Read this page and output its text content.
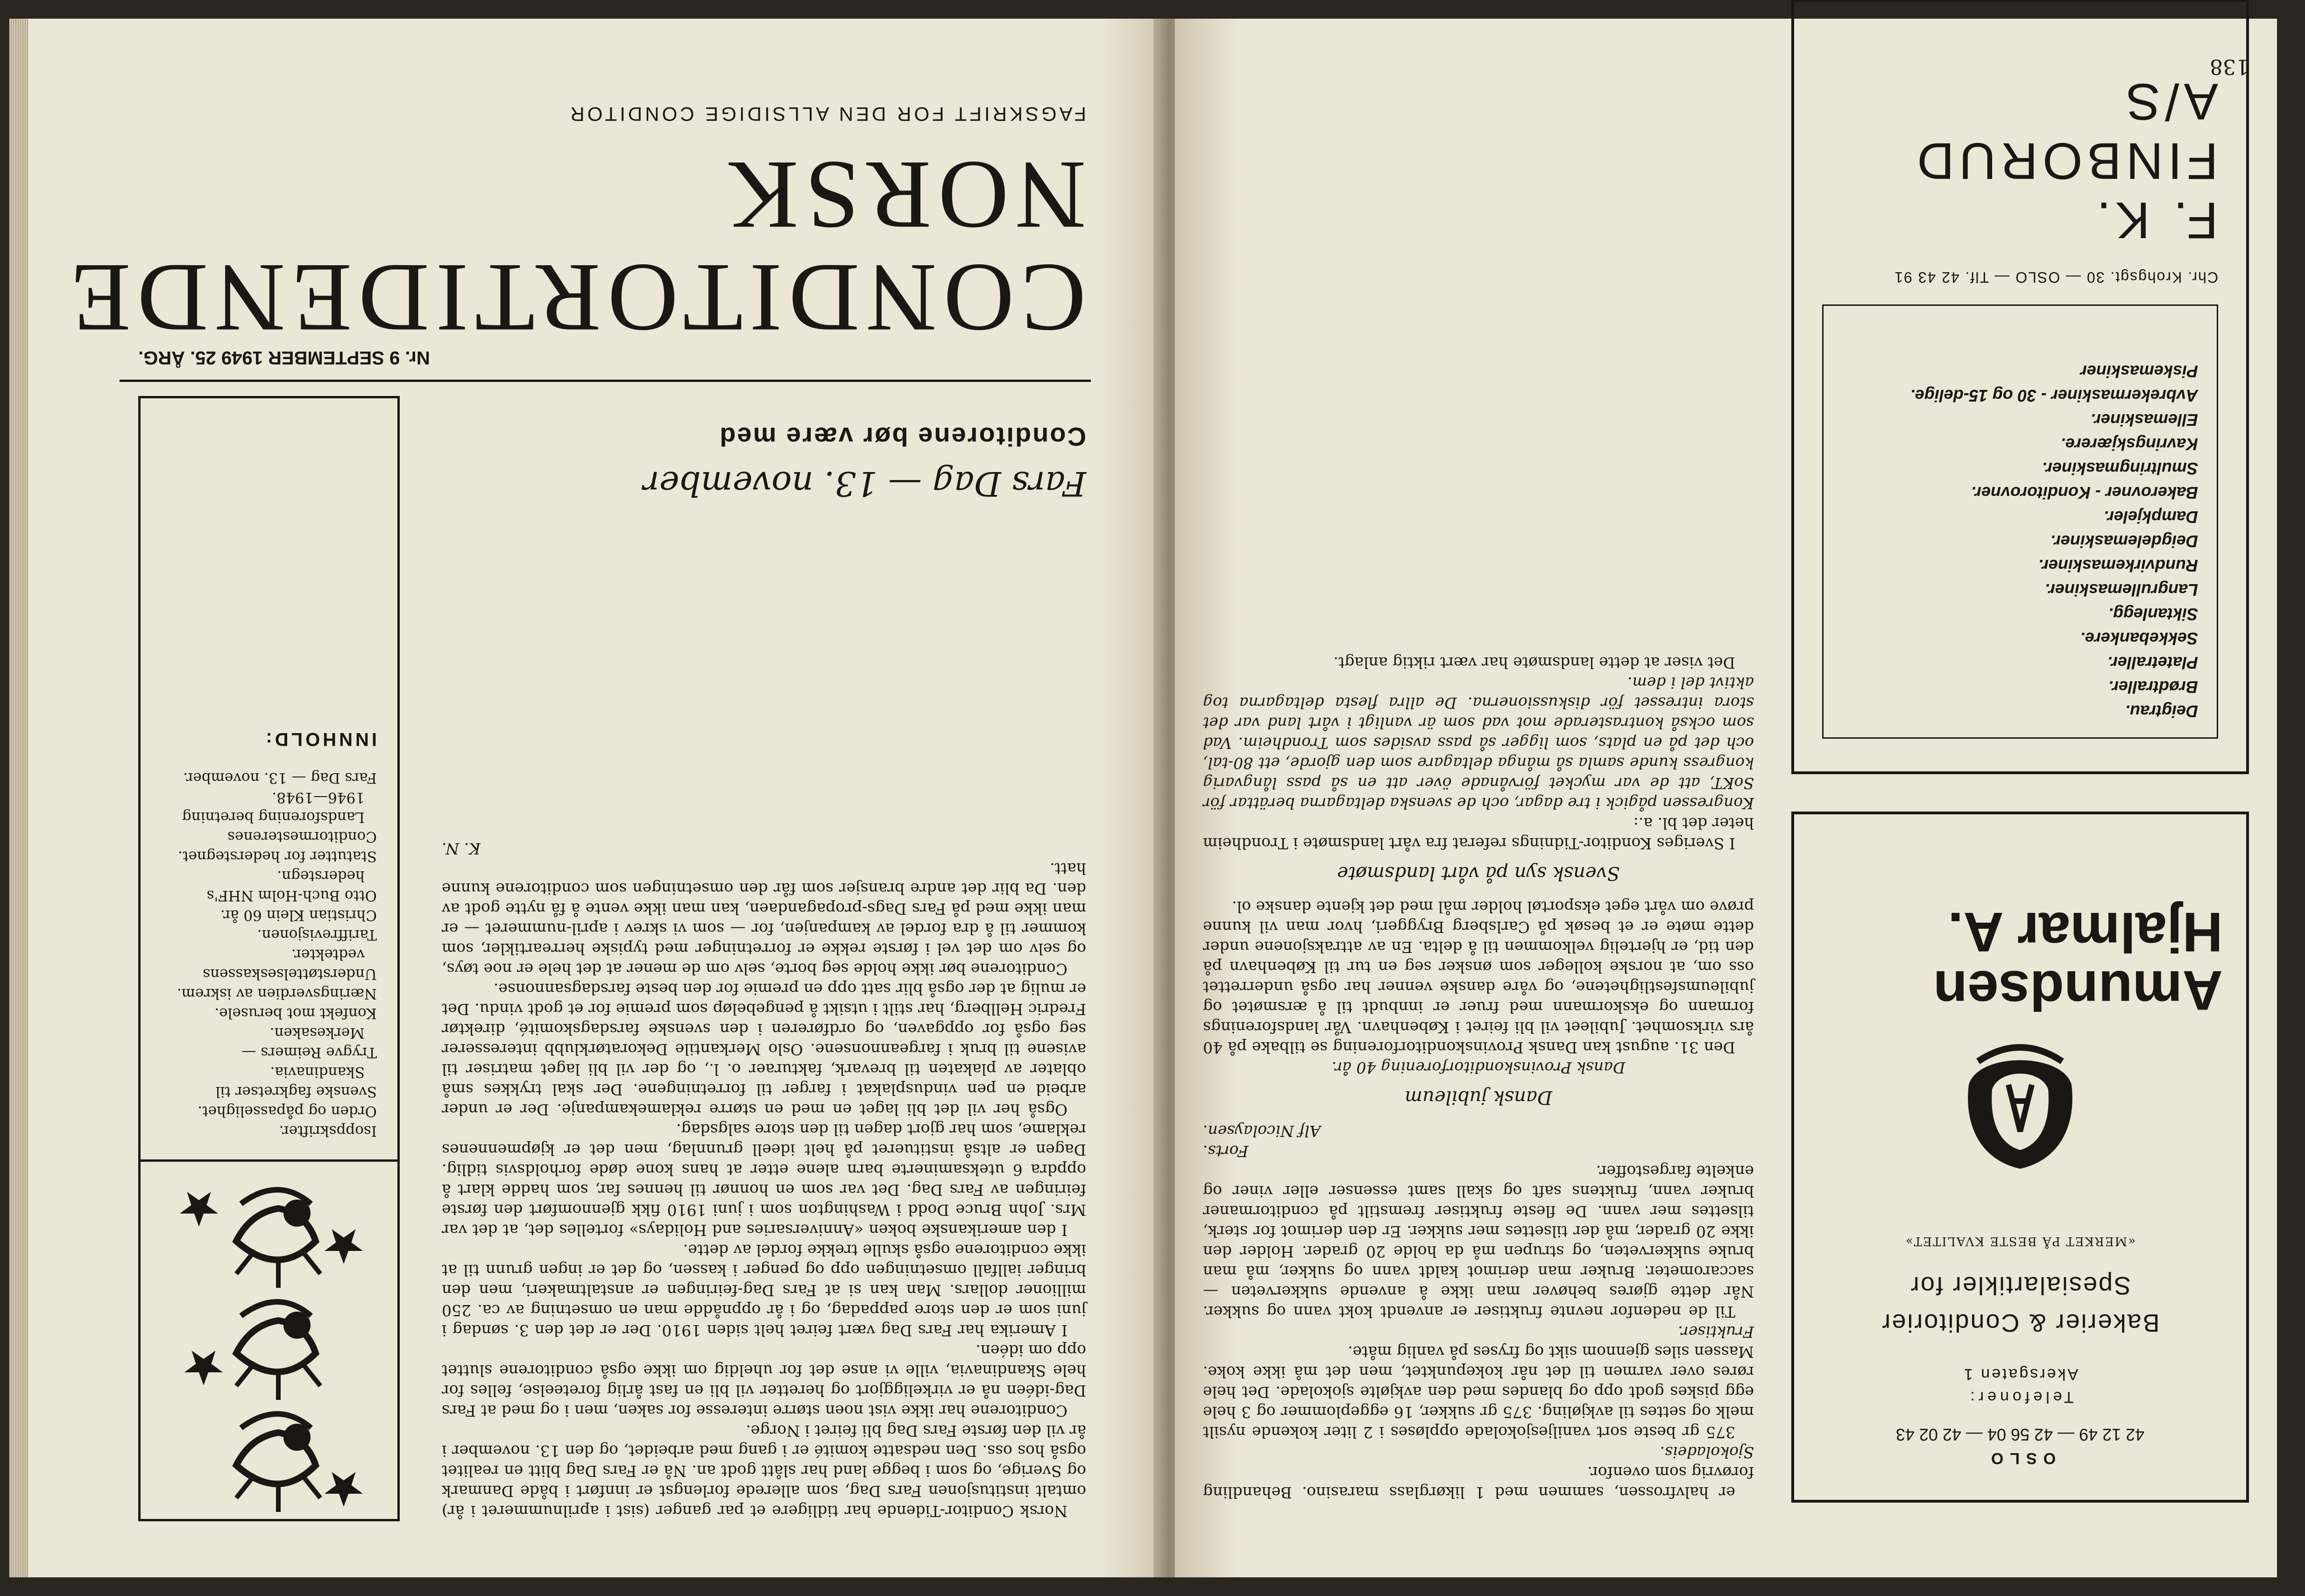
Norsk Conditor-Tidende har tidligere et par ganger (sist i aprilnummeret i år) omtalt institusjonen Fars Dag, som allerede forlengst er innført i både Danmark og Sverige, og som i begge land har slått godt an. Nå er Fars Dag blitt en realitet også hos oss. Den nedsatte komité er i gang med arbeidet, og den 13. november i år vil den første Fars Dag bli feiret i Norge.

Conditorene har ikke vist noen større interesse for saken, men i og med at Fars Dag-idéen nå er virkeliggjort og heretter vil bli en fast årlig foreteelse, felles for hele Skandinavia, ville vi anse det for uheldig om ikke også conditorene sluttet opp om idéen.

I Amerika har Fars Dag vært feiret helt siden 1910. Der er det den 3. søndag i juni som er den store pappadag, og i år oppnådde man en omsetning av ca. 250 millioner dollars. Man kan si at Fars Dag-feiringen er anstaltmakeri, men den bringer iallfall omsetningen opp og penger i kassen, og det er ingen grunn til at ikke conditorene også skulle trekke fordel av dette.

I den amerikanske boken «Anniversaries and Holidays» fortelles det, at det var Mrs. John Bruce Dodd i Washington som i juni 1910 fikk gjennomført den første feiringen av Fars Dag. Det var som en honnør til hennes far, som hadde klart å oppdra 6 uteksaminerte barn alene etter at hans kone døde forholdsvis tidlig. Dagen er altså institueret på helt ideell grunnlag, men det er kjøpmennenes reklame, som har gjort dagen til den store salgsdag.

Også her vil det bli laget en med en større reklamekampanje. Der er under arbeid en pen vindusplakat i farger til forretningene. Der skal trykkes små oblater av plakaten til brevark, fakturaer o. l., og der vil bli laget matriser til avisene til bruk i fargeannonsene. Oslo Merkantile Dekoratørklubb interesserer seg også for oppgaven, og ordføreren i den svenske farsdagskomité, direktør Fredric Hellberg, har stilt i utsikt å pengebeløp som premie for et godt vindu. Det er mulig at der også blir satt opp en premie for den beste farsdagsannonse.

Conditorene bør ikke holde seg borte, selv om de mener at det hele er noe tøys, og selv om det vel i første rekke er forretninger med typiske herreartikler, som kommer til å dra fordel av kampanjen, for — som vi skrev i april-nummeret — er man ikke med på Fars Dags-propagandaen, kan man ikke vente å få nytte godt av den. Da blir det andre bransjer som får den omsetningen som conditorene kunne hatt.

K. N.

Fars Dag — 13. november
Conditorene bør være med
Isoppskrifter.
Orden og påpasselighet.
Svenske fagkretser til Skandinavia.
Trygve Reimers — Merkesaken.
Konfekt mot berusele.
Næringsverdien av iskrem.
Understøttelseskassens vedtekter.
Tariffrevisjonen.
Christian Klein 60 år.
Otto Buch-Holm NHF's hederstegn.
Statutter for hederstegnet.
Conditormesterenes Landsforening beretning 1946—1948.
Fars Dag — 13. november.
INNHOLD:
FAGSKRIFT FOR DEN ALLSIDIGE CONDITOR
Nr. 9 SEPTEMBER 1949 25. ÅRG.
CONDITORTIDENDE
NORSK

er halvfrossen, sammen med 1 likørglass marasino. Behandling forøvrig som ovenfor.

Sjokoladeis.

375 gr beste sort vaniljesjokolade oppløses i 2 liter kokende nysilt melk og settes til avkjøling. 375 gr sukker, 16 eggeplommer og 3 hele egg piskes godt opp og blandes med den avkjølte sjokolade. Det hele røres over varmen til det når kokepunktet, men det må ikke koke. Massen siles gjennom sikt og fryses på vanlig måte.

Fruktiser.

Til de nedenfor nevnte fruktiser er anvendt kokt vann og sukker. Når dette gjøres behøver man ikke å anvende sukkerveten — saccarometer. Bruker man derimot kaldt vann og sukker, må man bruke sukkerveten, og strupen må da holde 20 grader. Holder den ikke 20 grader, må der tilsettes mer sukker. Er den derimot for sterk, tilsettes mer vann. De fleste fruktiser fremstilt på conditormaner bruker vann, fruktens saft og skall samt essenser eller viner og enkelte fargestoffer.

Forts.

Alf Nicolaysen.

Dansk jubileum

Dansk Provinskonditorforening 40 år.

Den 31. august kan Dansk Provinskonditorforening se tilbake på 40 års virksomhet. Jubileet vil bli feiret i København. Vår landsforenings formann og ekskormann med fruer er innbudt til å ærsmøtet og jubileumsfestlighetene, og våre danske venner har også underrettet oss om, at norske kolleger som ønsker seg en tur til København på den tid, er hjertelig velkommen til å delta. En av attraksjonene under dette møte er et besøk på Carlsberg Bryggeri, hvor man vil kunne prøve om vårt eget eksportøl holder mål med det kjente danske ol.

Svensk syn på vårt landsmøte

I Sveriges Konditor-Tidnings referat fra vårt landsmøte i Trondheim heter det bl. a.:

Kongressen pågick i tre dagar, och de svenska deltagarna berättar för SoKT, att de var mycket förvånade över att en så pass långvarig kongress kunde samla så många deltagare som den gjorde, ett 80-tal, och det på en plats, som ligger så pass avsides som Trondheim. Vad som också kontrasterade mot vad som är vanligt i vårt land var det stora intresset för diskussionerna. De allra flesta deltagarna tog aktivt del i dem.

Det viser at dette landsmøte har vært riktig anlagt.

Deigtrau.
Brødtraller.
Platetraller.
Sekkebankere.
Siktanlegg.
Langrullemaskiner.
Rundvirkemaskiner.
Deigdelemaskiner.
Dampkjeler.
Bakerovner - Konditorovner.
Smultringmaskiner.
Kavringskjærere.
Ellemaskiner.
Avbrekermaskiner - 30 og 15-delige.
Piskemaskiner
Chr. Krohgsgt. 30 — OSLO — Tlf. 42 43 91
F. K. FINBORUD A/S
OSLO
42 12 49 — 42 56 04 — 42 02 43
Telefoner:
Akersgaten 1
Bakerier & Conditorier
Spesialartikler for
«MERKET PÅ BESTE KVALITET»
Amundsen
Hjalmar A.
138
